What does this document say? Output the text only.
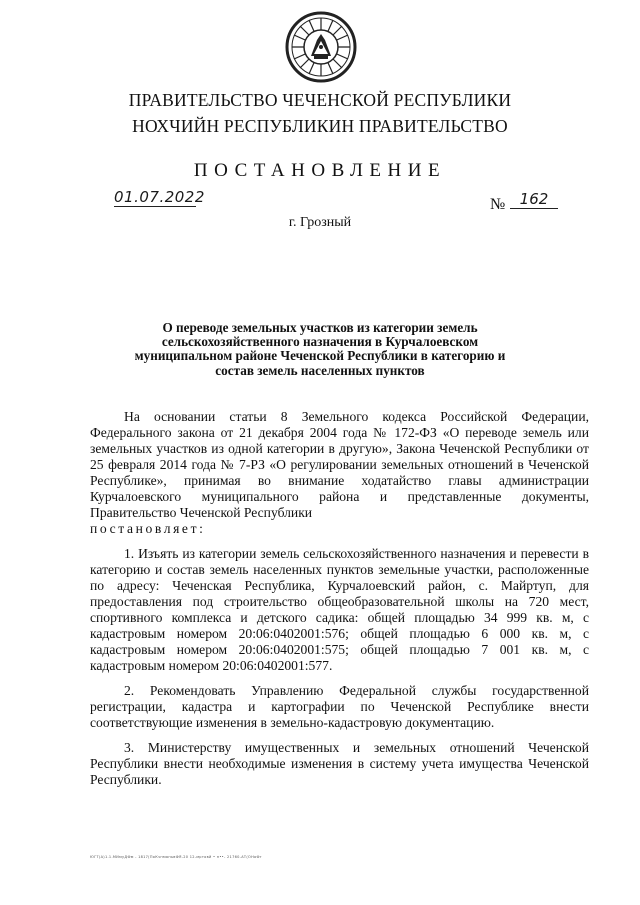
ПРАВИТЕЛЬСТВО ЧЕЧЕНСКОЙ РЕСПУБЛИКИ
НОХЧИЙН РЕСПУБЛИКИН ПРАВИТЕЛЬСТВО
ПОСТАНОВЛЕНИЕ
01.07.2022	№ 162
г. Грозный
О переводе земельных участков из категории земель сельскохозяйственного назначения в Курчалоевском муниципальном районе Чеченской Республики в категорию и состав земель населенных пунктов

На основании статьи 8 Земельного кодекса Российской Федерации, Федерального закона от 21 декабря 2004 года № 172-ФЗ «О переводе земель или земельных участков из одной категории в другую», Закона Чеченской Республики от 25 февраля 2014 года № 7-РЗ «О регулировании земельных отношений в Чеченской Республике», принимая во внимание ходатайство главы администрации Курчалоевского муниципального района и представленные документы, Правительство Чеченской Республики

постановляет:

1. Изъять из категории земель сельскохозяйственного назначения и перевести в категорию и состав земель населенных пунктов земельные участки, расположенные по адресу: Чеченская Республика, Курчалоевский район, с. Майртуп, для предоставления под строительство общеобразовательной школы на 720 мест, спортивного комплекса и детского садика: общей площадью 34 999 кв. м, с кадастровым номером 20:06:0402001:576; общей площадью 6 000 кв. м, с кадастровым номером 20:06:0402001:575; общей площадью 7 001 кв. м, с кадастровым номером 20:06:0402001:577.

2. Рекомендовать Управлению Федеральной службы государственной регистрации, кадастра и картографии по Чеченской Республике внести соответствующие изменения в земельно-кадастровую документацию.

3. Министерству имущественных и земельных отношений Чеченской Республики внести необходимые изменения в систему учета имущества Чеченской Республики.

ЮГТ(А)1.1.МИмуДФм - 1817(ПоКчнманьвФЯ-20 12-мртовй • н••- 21760-АТ(ОНоФг
